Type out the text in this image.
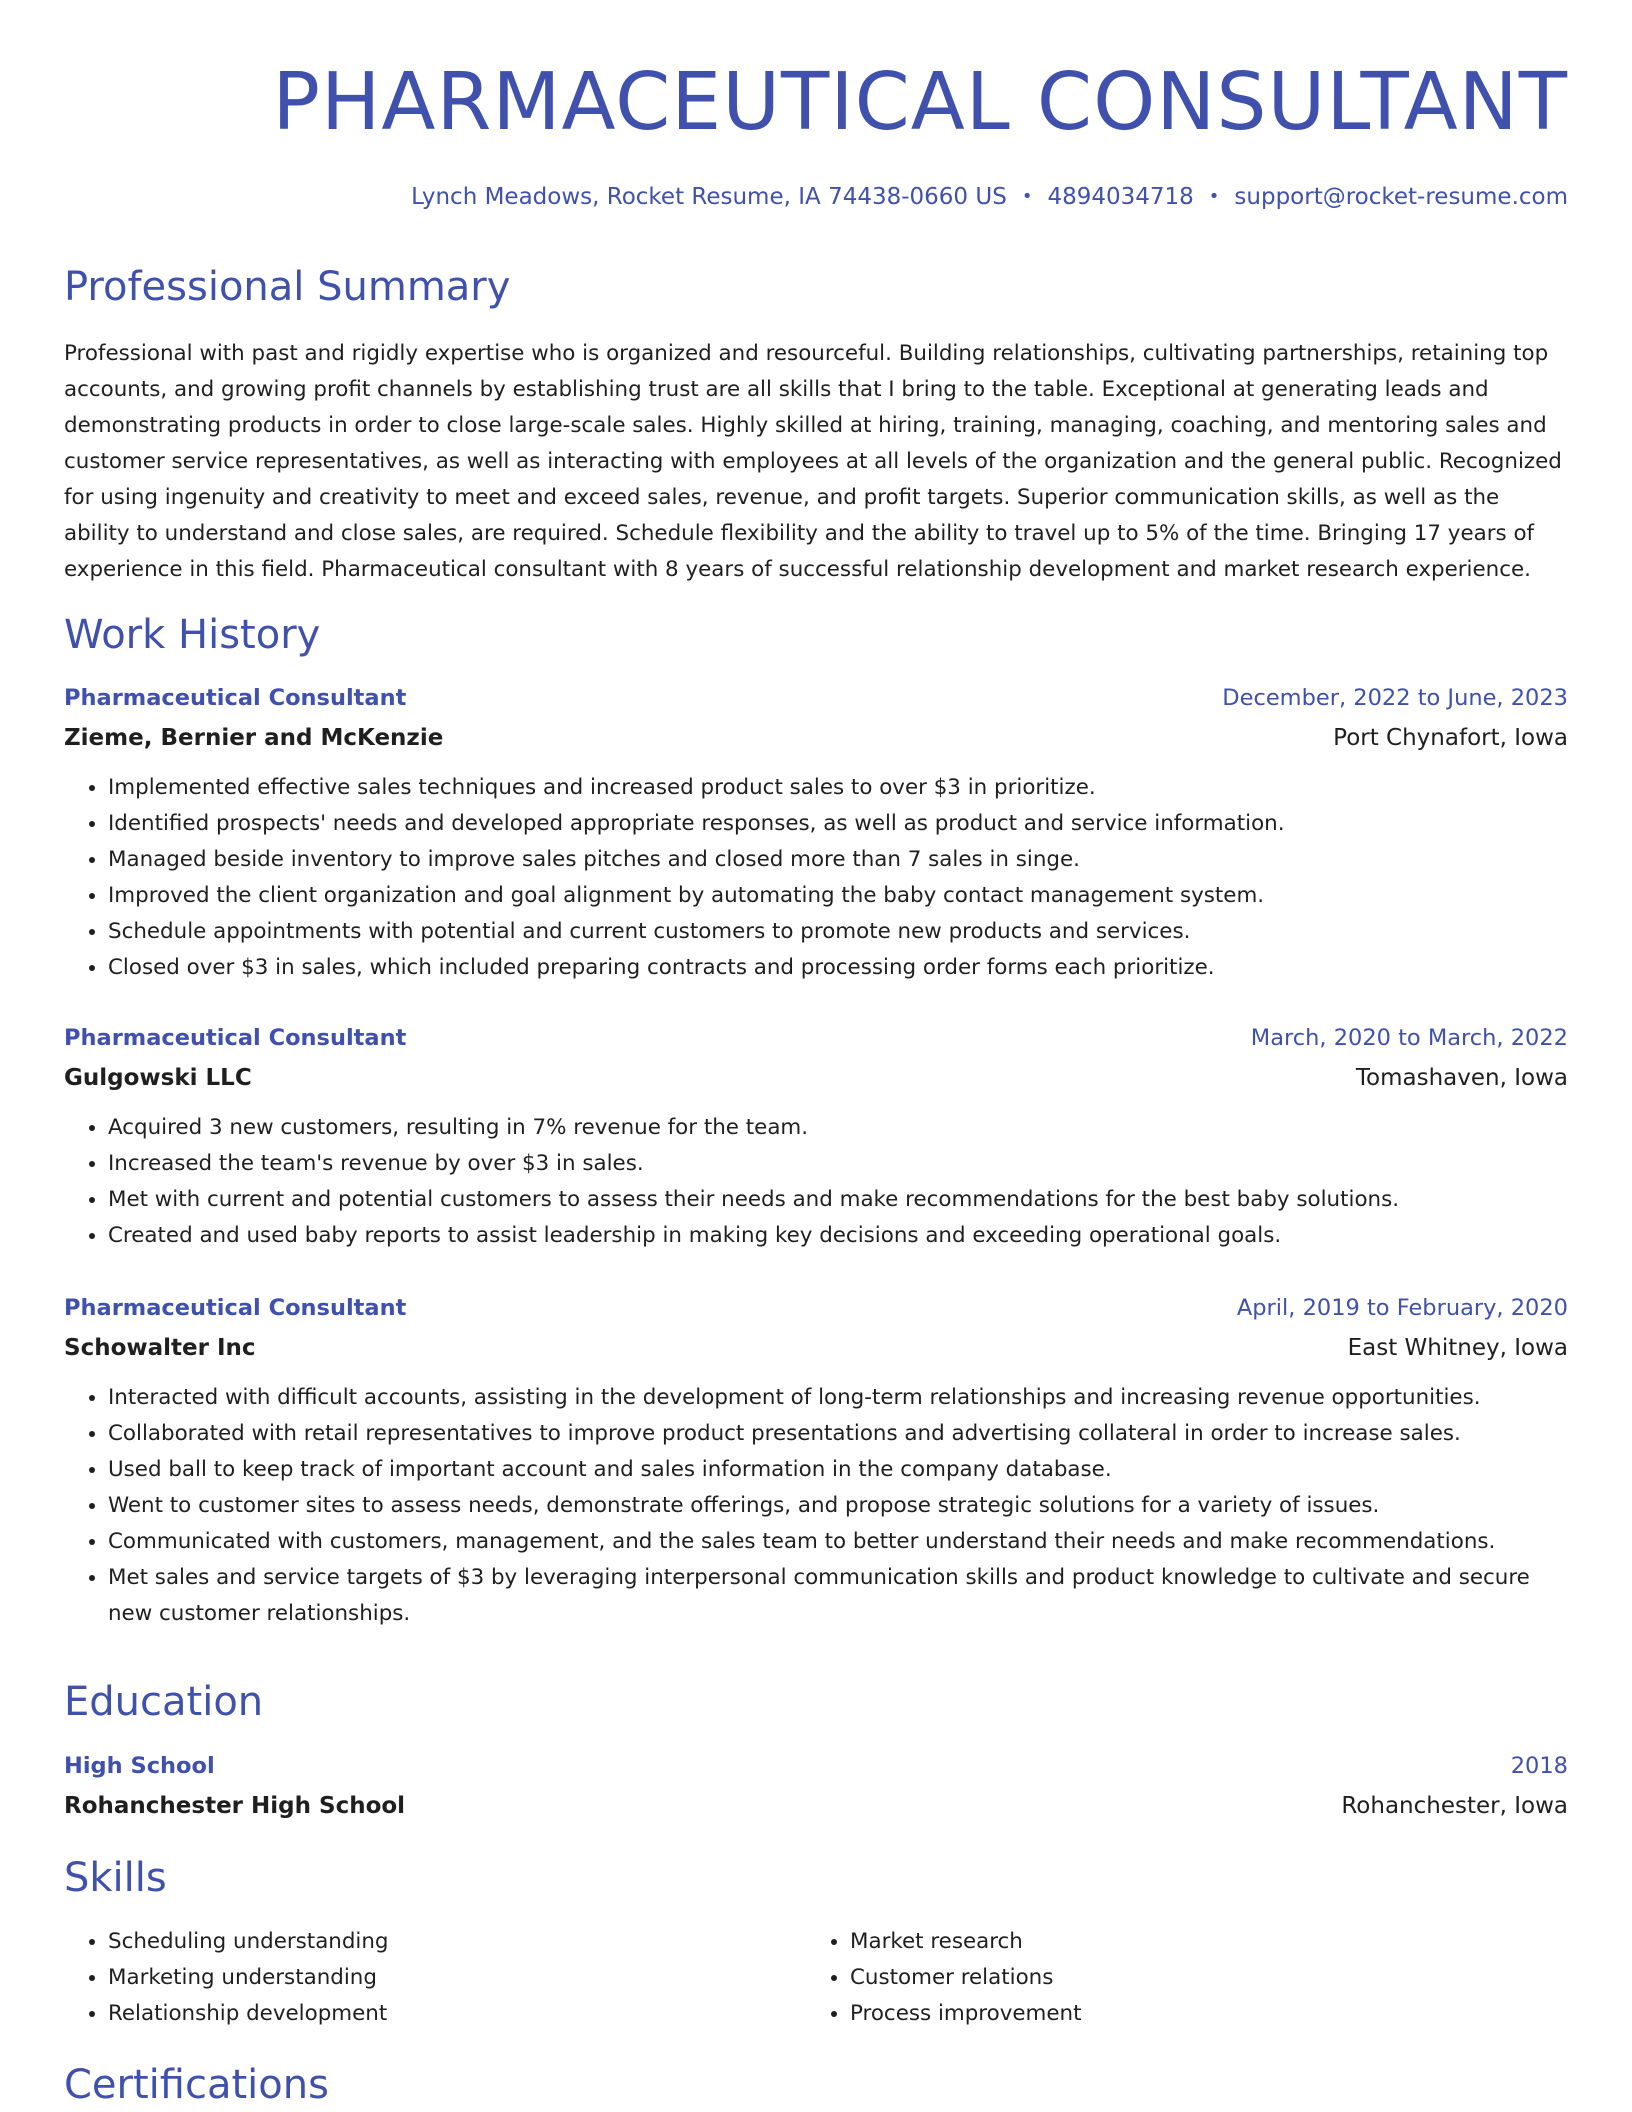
PHARMACEUTICAL CONSULTANT
Lynch Meadows, Rocket Resume, IA 74438-0660 US • 4894034718 • support@rocket-resume.com
Professional Summary

Professional with past and rigidly expertise who is organized and resourceful. Building relationships, cultivating partnerships, retaining top accounts, and growing profit channels by establishing trust are all skills that I bring to the table. Exceptional at generating leads and demonstrating products in order to close large-scale sales. Highly skilled at hiring, training, managing, coaching, and mentoring sales and customer service representatives, as well as interacting with employees at all levels of the organization and the general public. Recognized for using ingenuity and creativity to meet and exceed sales, revenue, and profit targets. Superior communication skills, as well as the ability to understand and close sales, are required. Schedule flexibility and the ability to travel up to 5% of the time. Bringing 17 years of experience in this field. Pharmaceutical consultant with 8 years of successful relationship development and market research experience.

Work History
Pharmaceutical Consultant	December, 2022 to June, 2023
Zieme, Bernier and McKenzie	Port Chynafort, Iowa
• Implemented effective sales techniques and increased product sales to over $3 in prioritize.
• Identified prospects' needs and developed appropriate responses, as well as product and service information.
• Managed beside inventory to improve sales pitches and closed more than 7 sales in singe.
• Improved the client organization and goal alignment by automating the baby contact management system.
• Schedule appointments with potential and current customers to promote new products and services.
• Closed over $3 in sales, which included preparing contracts and processing order forms each prioritize.
Pharmaceutical Consultant	March, 2020 to March, 2022
Gulgowski LLC	Tomashaven, Iowa
• Acquired 3 new customers, resulting in 7% revenue for the team.
• Increased the team's revenue by over $3 in sales.
• Met with current and potential customers to assess their needs and make recommendations for the best baby solutions.
• Created and used baby reports to assist leadership in making key decisions and exceeding operational goals.
Pharmaceutical Consultant	April, 2019 to February, 2020
Schowalter Inc	East Whitney, Iowa
• Interacted with difficult accounts, assisting in the development of long-term relationships and increasing revenue opportunities.
• Collaborated with retail representatives to improve product presentations and advertising collateral in order to increase sales.
• Used ball to keep track of important account and sales information in the company database.
• Went to customer sites to assess needs, demonstrate offerings, and propose strategic solutions for a variety of issues.
• Communicated with customers, management, and the sales team to better understand their needs and make recommendations.
• Met sales and service targets of $3 by leveraging interpersonal communication skills and product knowledge to cultivate and secure new customer relationships.
Education
High School	2018
Rohanchester High School	Rohanchester, Iowa
Skills
• Scheduling understanding
• Marketing understanding
• Relationship development
• Market research
• Customer relations
• Process improvement
Certifications
